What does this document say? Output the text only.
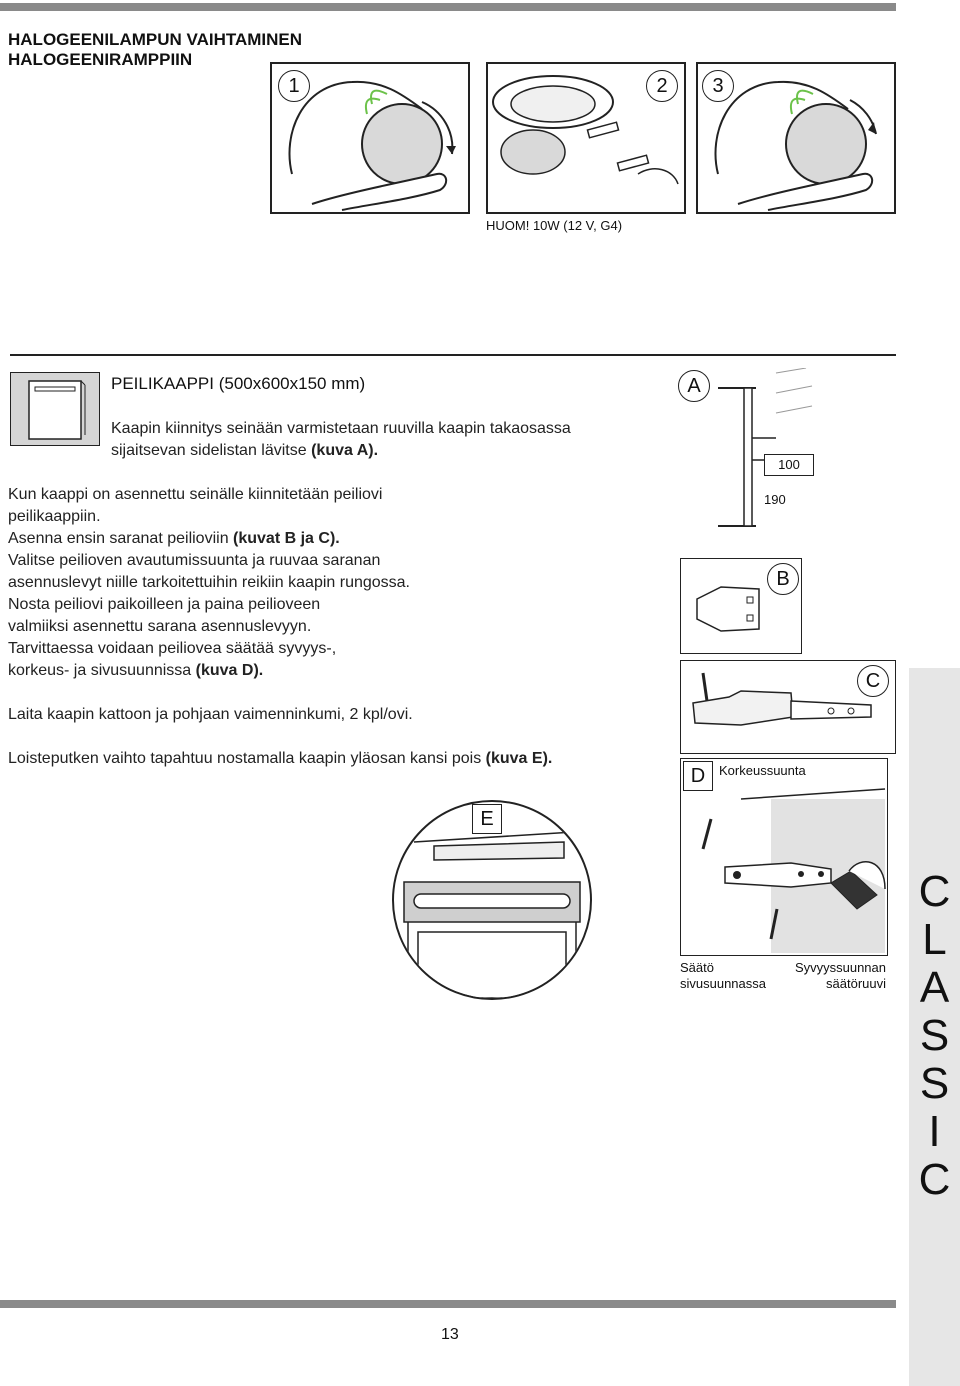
HALOGEENILAMPUN VAIHTAMINEN
HALOGEENIRAMPPIIN
1	2	3
HUOM! 10W (12 V, G4)
PEILIKAAPPI (500x600x150 mm)
Kaapin kiinnitys seinään varmistetaan ruuvilla kaapin takaosassa
sijaitsevan sidelistan lävitse (kuva A).
Kun kaappi on asennettu seinälle kiinnitetään peiliovi
peilikaappiin.
Asenna ensin saranat peilioviin (kuvat B ja C).
Valitse peilioven avautumissuunta ja ruuvaa saranan
asennuslevyt niille tarkoitettuihin reikiin kaapin rungossa.
Nosta peiliovi paikoilleen ja paina peilioveen
valmiiksi asennettu sarana asennuslevyyn.
Tarvittaessa voidaan peiliovea säätää syvyys-,
korkeus- ja sivusuunnissa (kuva D).
Laita kaapin kattoon ja pohjaan vaimenninkumi, 2 kpl/ovi.
Loisteputken vaihto tapahtuu nostamalla kaapin yläosan kansi pois (kuva E).
A
100
190
B
C
D	Korkeussuunta
Säätö
sivusuunnassa
Syvyyssuunnan
säätöruuvi
E
C
L
A
S
S
I
C
13
